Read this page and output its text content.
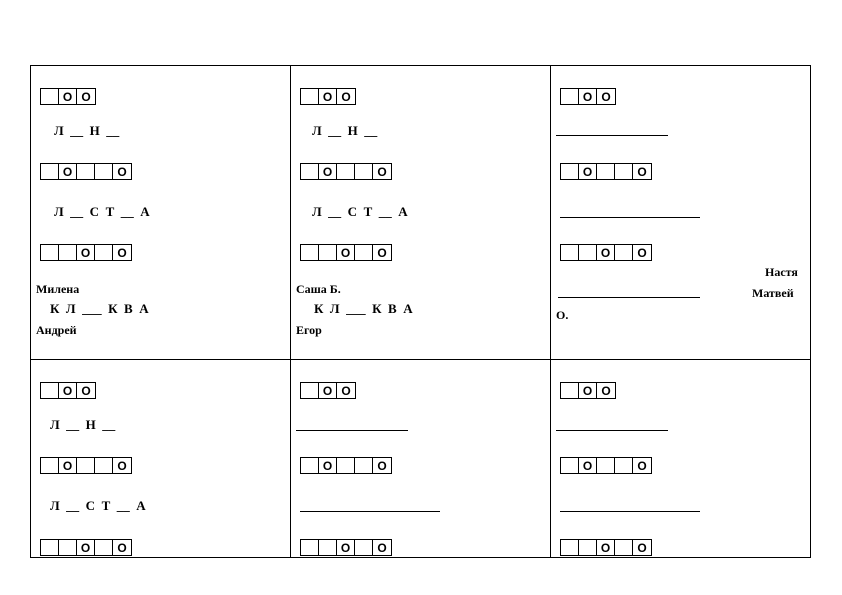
О О
Л  __  Н  __
О	О
Л  __  С  Т  __  А
О	О
Милена
К  Л  ___  К  В  А
Андрей
О О
Л  __  Н  __
О	О
Л  __  С  Т  __  А
О	О
Саша Б.
К  Л  ___  К  В  А
Егор
О О
О	О
О	О
Настя
Матвей
О.
О О
Л  __  Н  __
О	О
Л  __  С  Т  __  А
О	О
О О
О	О
О	О
О О
О	О
О	О
